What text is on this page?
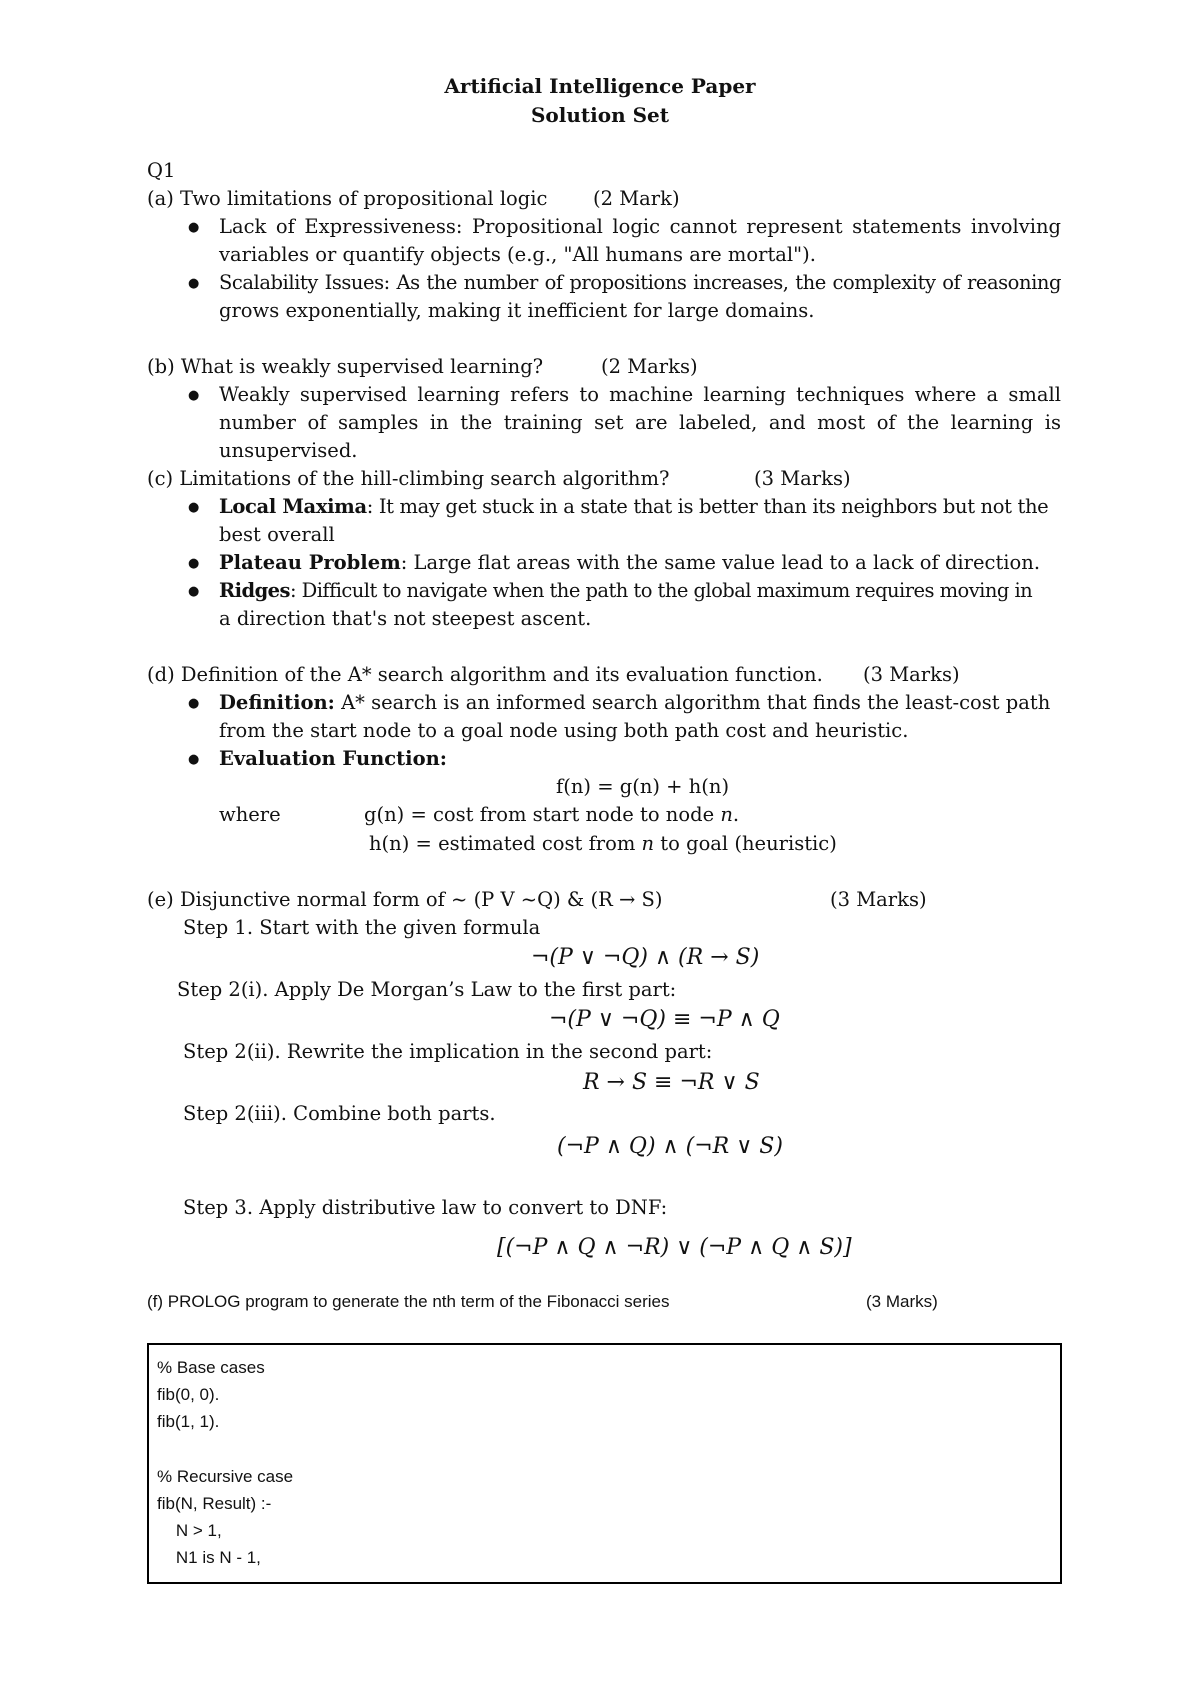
Artificial Intelligence Paper
Solution Set
Q1
(a) Two limitations of propositional logic (2 Mark)
● Lack of Expressiveness: Propositional logic cannot represent statements involving
variables or quantify objects (e.g., "All humans are mortal").
● Scalability Issues: As the number of propositions increases, the complexity of reasoning
grows exponentially, making it inefficient for large domains.
(b) What is weakly supervised learning?	(2 Marks)
● Weakly supervised learning refers to machine learning techniques where a small
number of samples in the training set are labeled, and most of the learning is
unsupervised.
(c) Limitations of the hill-climbing search algorithm?	(3 Marks)
● Local Maxima: It may get stuck in a state that is better than its neighbors but not the
best overall
● Plateau Problem: Large flat areas with the same value lead to a lack of direction.
● Ridges: Difficult to navigate when the path to the global maximum requires moving in
a direction that's not steepest ascent.
(d) Definition of the A* search algorithm and its evaluation function. (3 Marks)
● Definition: A* search is an informed search algorithm that finds the least-cost path
from the start node to a goal node using both path cost and heuristic.
● Evaluation Function:
f(n) = g(n) + h(n)
where	g(n) = cost from start node to node n.
h(n) = estimated cost from n to goal (heuristic)
(e) Disjunctive normal form of ~ (P V ~Q) & (R → S)	(3 Marks)
Step 1. Start with the given formula
¬(P ∨ ¬Q) ∧ (R → S)
Step 2(i). Apply De Morgan’s Law to the first part:
¬(P ∨ ¬Q) ≡ ¬P ∧ Q
Step 2(ii). Rewrite the implication in the second part:
R → S ≡ ¬R ∨ S
Step 2(iii). Combine both parts.
(¬P ∧ Q) ∧ (¬R ∨ S)
Step 3. Apply distributive law to convert to DNF:
[(¬P ∧ Q ∧ ¬R) ∨ (¬P ∧ Q ∧ S)]
(f) PROLOG program to generate the nth term of the Fibonacci series	(3 Marks)
% Base cases
fib(0, 0).
fib(1, 1).
% Recursive case
fib(N, Result) :-
N > 1,
N1 is N - 1,
